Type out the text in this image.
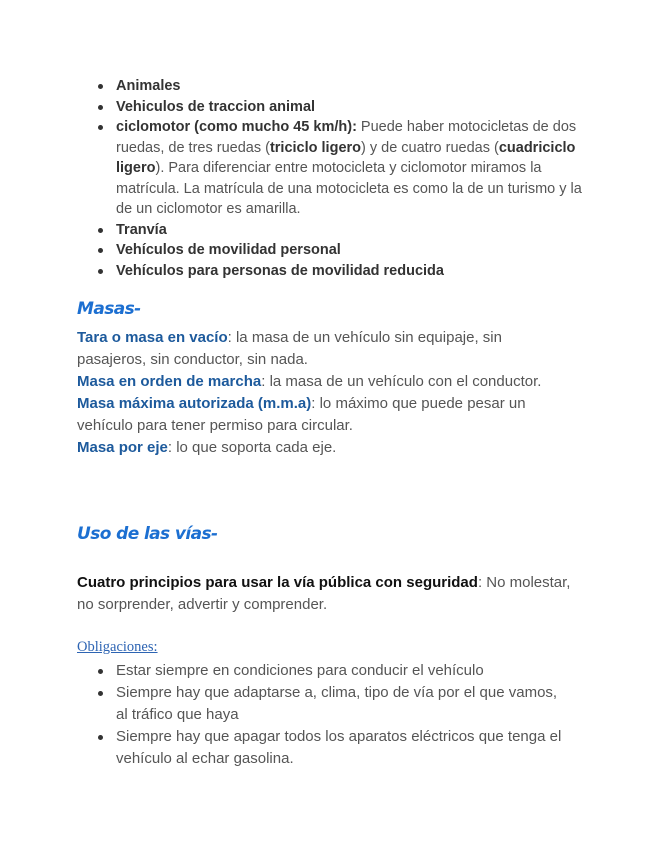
Animales
Vehiculos de traccion animal
ciclomotor (como mucho 45 km/h): Puede haber motocicletas de dos ruedas, de tres ruedas (triciclo ligero) y de cuatro ruedas (cuadriciclo ligero). Para diferenciar entre motocicleta y ciclomotor miramos la matrícula. La matrícula de una motocicleta es como la de un turismo y la de un ciclomotor es amarilla.
Tranvía
Vehículos de movilidad personal
Vehículos para personas de movilidad reducida
Masas-

Tara o masa en vacío: la masa de un vehículo sin equipaje, sin pasajeros, sin conductor, sin nada.

Masa en orden de marcha: la masa de un vehículo con el conductor.

Masa máxima autorizada (m.m.a): lo máximo que puede pesar un vehículo para tener permiso para circular.

Masa por eje: lo que soporta cada eje.

Uso de las vías-

Cuatro principios para usar la vía pública con seguridad: No molestar, no sorprender, advertir y comprender.

Obligaciones:
Estar siempre en condiciones para conducir el vehículo
Siempre hay que adaptarse a, clima, tipo de vía por el que vamos, al tráfico que haya
Siempre hay que apagar todos los aparatos eléctricos que tenga el vehículo al echar gasolina.
